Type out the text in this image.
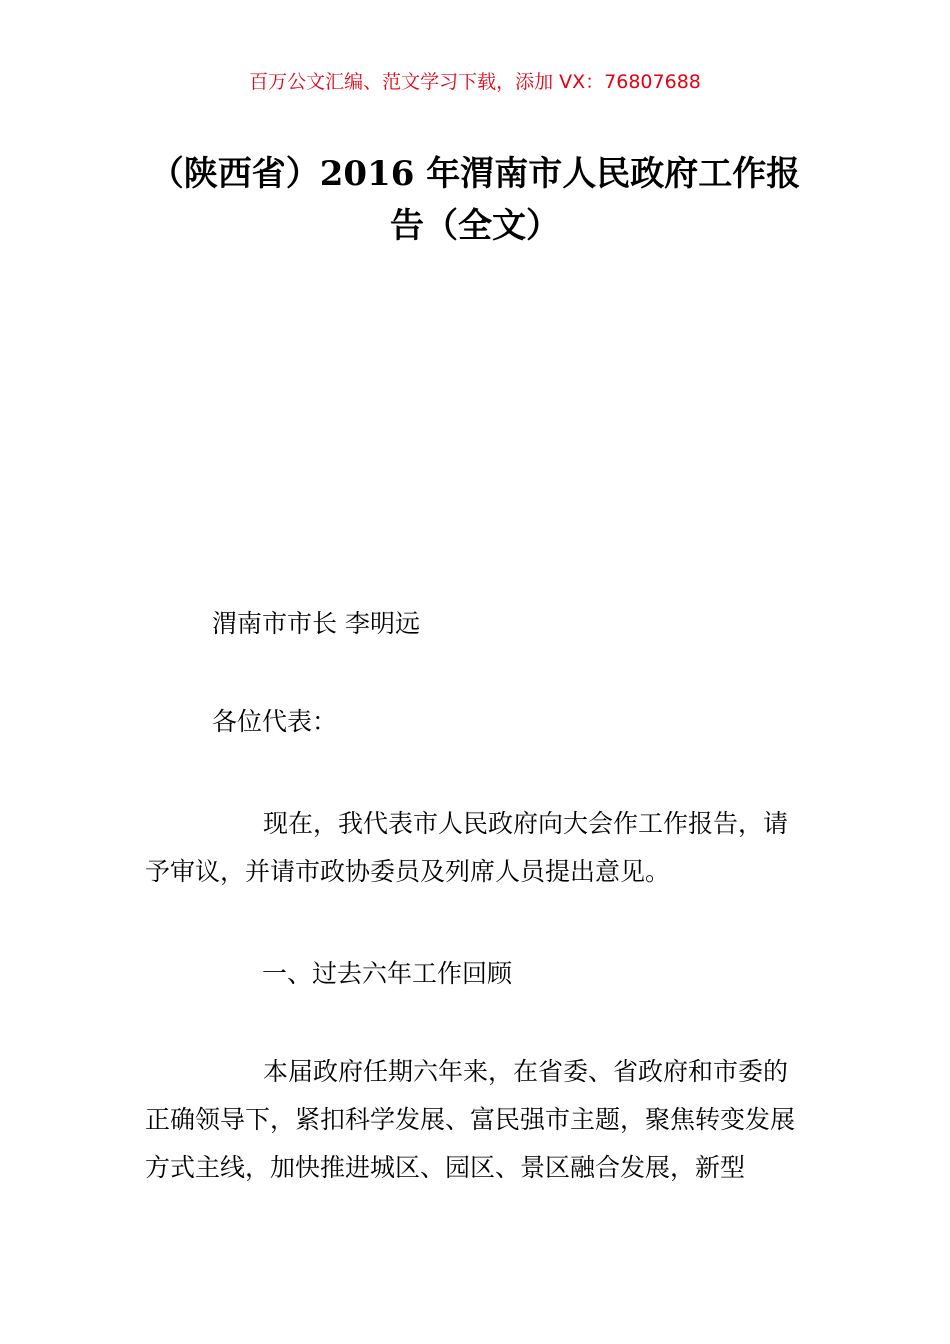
百万公文汇编、范文学习下载，添加 VX：76807688
（陕西省）2016 年渭南市人民政府工作报
告（全文）
渭南市市长 李明远
各位代表：
现在，我代表市人民政府向大会作工作报告，请予审议，并请市政协委员及列席人员提出意见。
一、过去六年工作回顾
本届政府任期六年来，在省委、省政府和市委的正确领导下，紧扣科学发展、富民强市主题，聚焦转变发展方式主线，加快推进城区、园区、景区融合发展，新型
